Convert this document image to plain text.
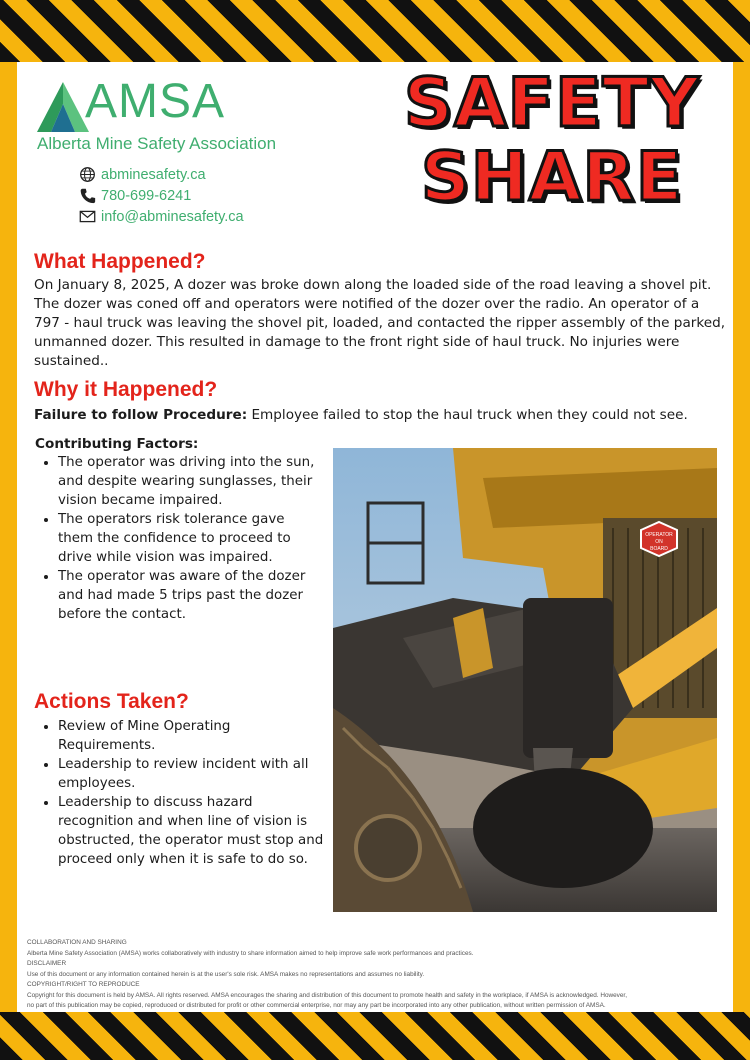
AMSA
Alberta Mine Safety Association
abminesafety.ca
780-699-6241
info@abminesafety.ca
SAFETY
SHARE
What Happened?
On January 8, 2025, A dozer was broke down along the loaded side of the road leaving a shovel pit. The dozer was coned off and operators were notified of the dozer over the radio. An operator of a 797 - haul truck was leaving the shovel pit, loaded, and contacted the ripper assembly of the parked, unmanned dozer. This resulted in damage to the front right side of haul truck. No injuries were sustained..
Why it Happened?
Failure to follow Procedure: Employee failed to stop the haul truck when they could not see.
Contributing Factors:
• The operator was driving into the sun, and despite wearing sunglasses, their vision became impaired.
• The operators risk tolerance gave them the confidence to proceed to drive while vision was impaired.
• The operator was aware of the dozer and had made 5 trips past the dozer before the contact.
Actions Taken?
• Review of Mine Operating Requirements.
• Leadership to review incident with all employees.
• Leadership to discuss hazard recognition and when line of vision is obstructed, the operator must stop and proceed only when it is safe to do so.
OPERATOR
ON
BOARD
COLLABORATION AND SHARING
Alberta Mine Safety Association (AMSA) works collaboratively with industry to share information aimed to help improve safe work performances and practices.
DISCLAIMER
Use of this document or any information contained herein is at the user's sole risk. AMSA makes no representations and assumes no liability.
COPYRIGHT/RIGHT TO REPRODUCE
Copyright for this document is held by AMSA. All rights reserved. AMSA encourages the sharing and distribution of this document to promote health and safety in the workplace, if AMSA is acknowledged. However,
no part of this publication may be copied, reproduced or distributed for profit or other commercial enterprise, nor may any part be incorporated into any other publication, without written permission of AMSA.
